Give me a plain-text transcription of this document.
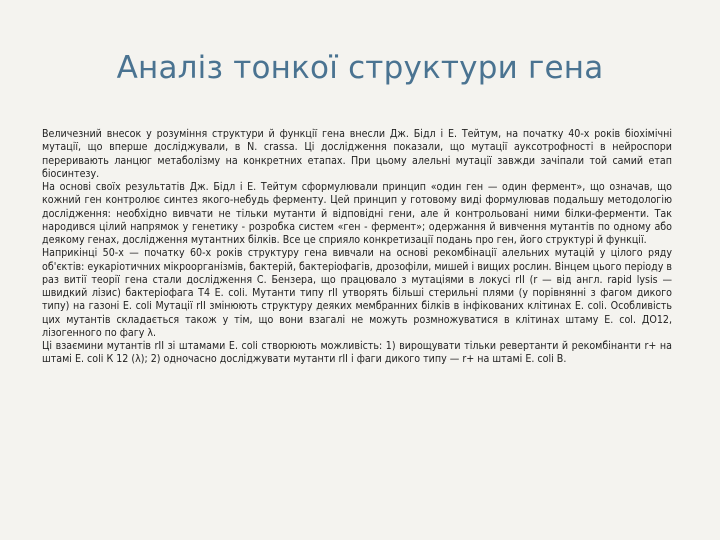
Аналіз тонкої структури гена

Величезний внесок у розуміння структури й функції гена внесли Дж. Бідл і Е. Тейтум, на початку 40-х років біохімічні мутації, що вперше досліджували, в N. crassa. Ці дослідження показали, що мутації ауксотрофності в нейроспори переривають ланцюг метаболізму на конкретних етапах. При цьому алельні мутації завжди зачіпали той самий етап біосинтезу.

На основі своїх результатів Дж. Бідл і Е. Тейтум сформулювали принцип «один ген — один фермент», що означав, що кожний ген контролює синтез якого-небудь ферменту. Цей принцип у готовому виді формулював подальшу методологію дослідження: необхідно вивчати не тільки мутанти й відповідні гени, але й контрольовані ними білки-ферменти. Так народився цілий напрямок у генетику - розробка систем «ген - фермент»; одержання й вивчення мутантів по одному або деякому генах, дослідження мутантних білків. Все це сприяло конкретизації подань про ген, його структурі й функції.

Наприкінці 50-х — початку 60-х років структуру гена вивчали на основі рекомбінації алельних мутацій у цілого ряду об'єктів: еукаріотичних мікроорганізмів, бактерій, бактеріофагів, дрозофіли, мишей і вищих рослин. Вінцем цього періоду в раз витії теорії гена стали дослідження С. Бензера, що працювало з мутаціями в локусі rII (r — від англ. rapid lysis — швидкий лізис) бактеріофага Т4 Е. coli. Мутанти типу rII утворять більші стерильні плями (у порівнянні з фагом дикого типу) на газоні Е. coli Мутації rII змінюють структуру деяких мембранних білків в інфікованих клітинах Е. coli. Особливість цих мутантів складається також у тім, що вони взагалі не можуть розмножуватися в клітинах штаму Е. col. ДО12, лізогенного по фагу λ.

Ці взаємини мутантів rII зі штамами Е. coli створюють можливість: 1) вирощувати тільки ревертанти й рекомбінанти r+ на штамі Е. coli К 12 (λ); 2) одночасно досліджувати мутанти rII і фаги дикого типу — r+ на штамі Е. coli В.
